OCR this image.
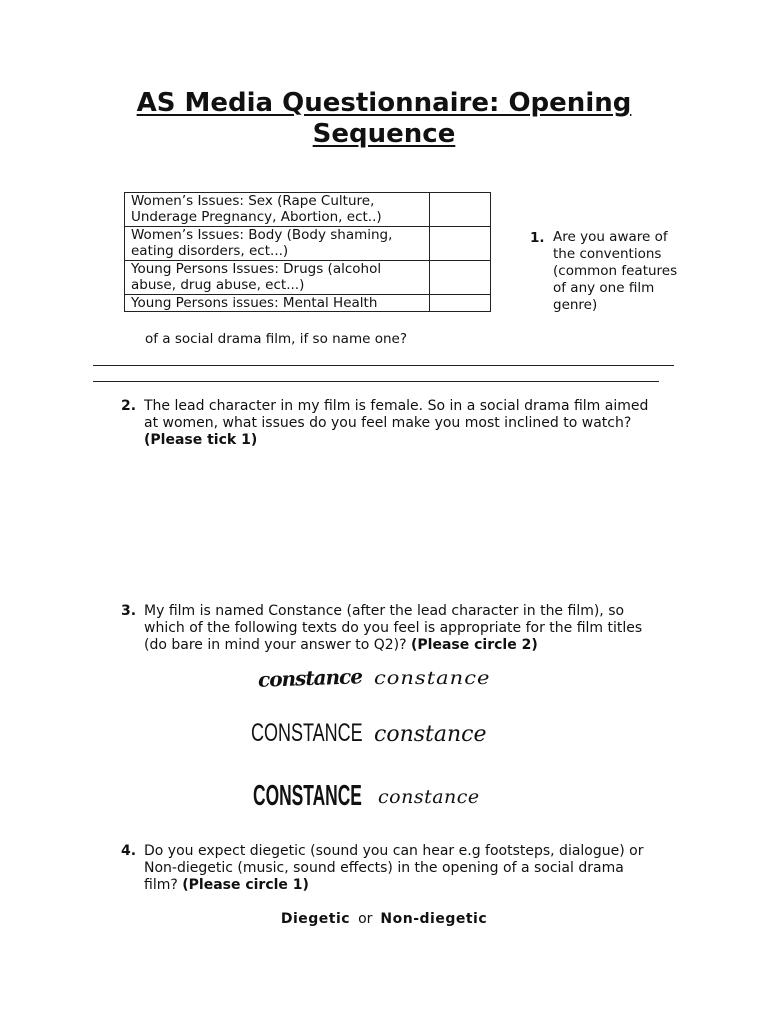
AS Media Questionnaire: Opening
Sequence
Women’s Issues: Sex (Rape Culture, Underage Pregnancy, Abortion, ect..)	
Women’s Issues: Body (Body shaming, eating disorders, ect...)	
Young Persons Issues: Drugs (alcohol abuse, drug abuse, ect...)	
Young Persons issues: Mental Health	
1. Are you aware of the conventions (common features of any one film genre)
of a social drama film, if so name one?
2. The lead character in my film is female. So in a social drama film aimed at women, what issues do you feel make you most inclined to watch? (Please tick 1)
3. My film is named Constance (after the lead character in the film), so which of the following texts do you feel is appropriate for the film titles (do bare in mind your answer to Q2)? (Please circle 2)
constance constance
CONSTANCE constance
CONSTANCE constance
4. Do you expect diegetic (sound you can hear e.g footsteps, dialogue) or Non-diegetic (music, sound effects) in the opening of a social drama film? (Please circle 1)
Diegetic or Non-diegetic
